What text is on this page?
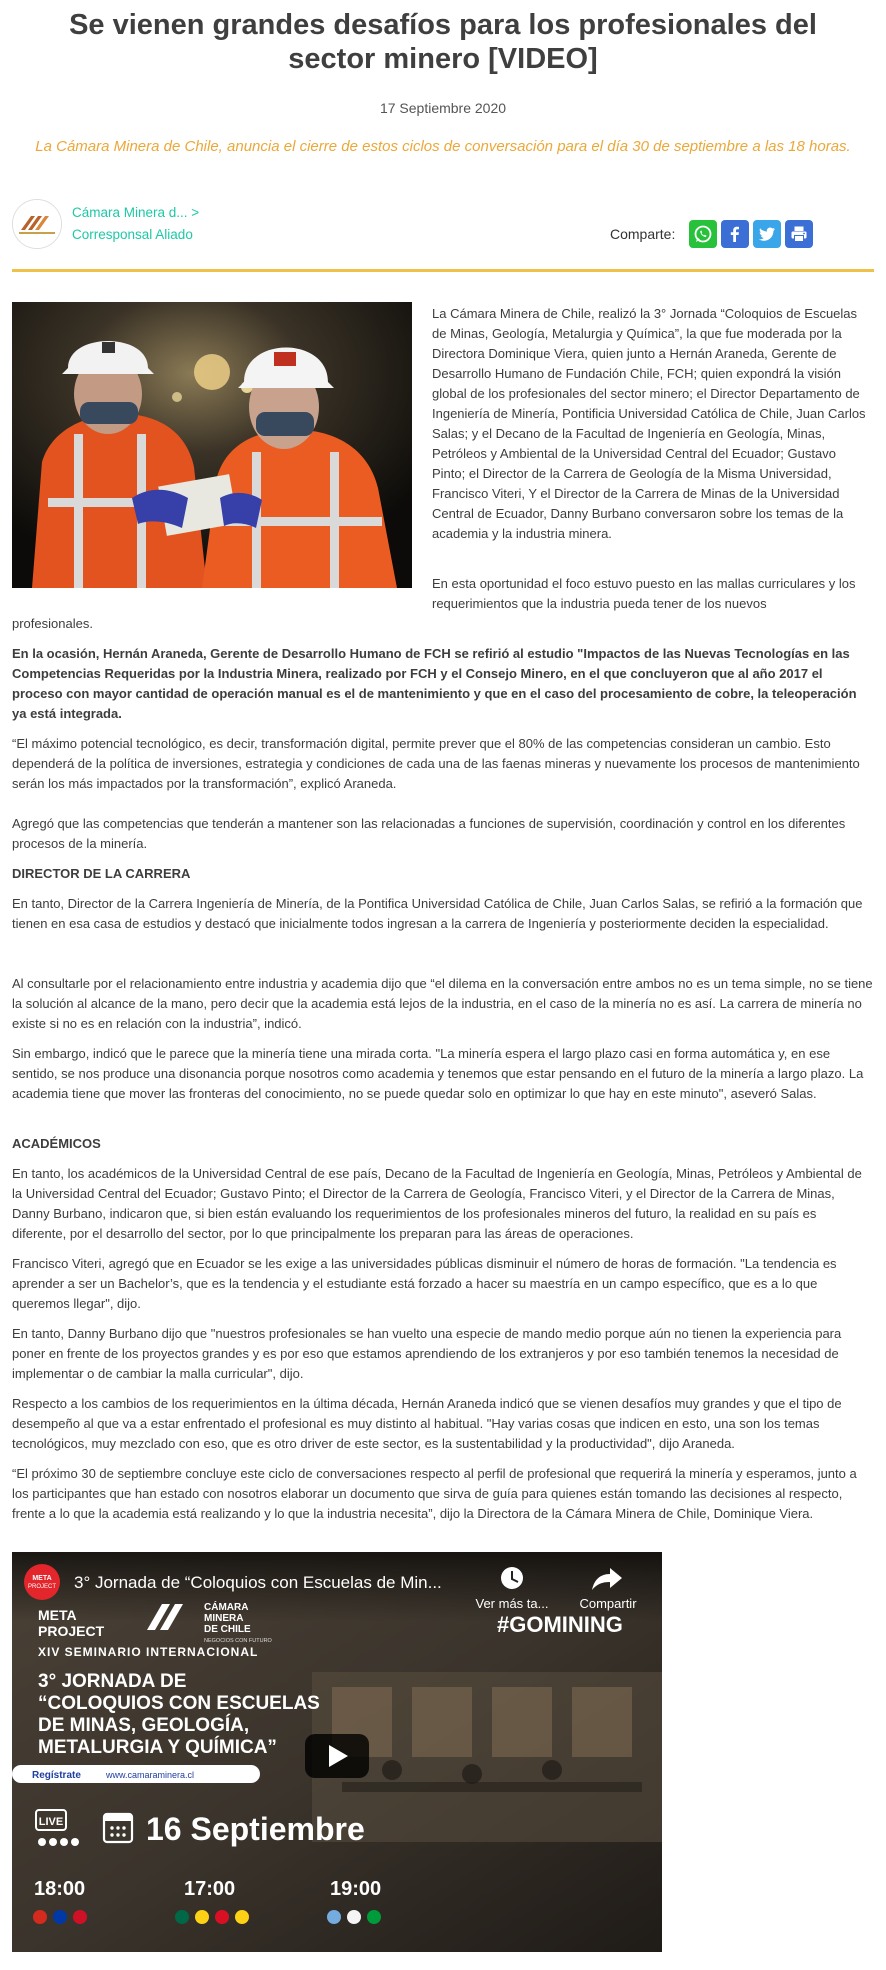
Se vienen grandes desafíos para los profesionales del sector minero [VIDEO]
17 Septiembre 2020

La Cámara Minera de Chile, anuncia el cierre de estos ciclos de conversación para el día 30 de septiembre a las 18 horas.

Cámara Minera d... >
Corresponsal Aliado	Comparte:

La Cámara Minera de Chile, realizó la 3° Jornada “Coloquios de Escuelas de Minas, Geología, Metalurgia y Química”, la que fue moderada por la Directora Dominique Viera, quien junto a Hernán Araneda, Gerente de Desarrollo Humano de Fundación Chile, FCH; quien expondrá la visión global de los profesionales del sector minero; el Director Departamento de Ingeniería de Minería, Pontificia Universidad Católica de Chile, Juan Carlos Salas; y el Decano de la Facultad de Ingeniería en Geología, Minas, Petróleos y Ambiental de la Universidad Central del Ecuador; Gustavo Pinto; el Director de la Carrera de Geología de la Misma Universidad, Francisco Viteri, Y el Director de la Carrera de Minas de la Universidad Central de Ecuador, Danny Burbano conversaron sobre los temas de la academia y la industria minera.

En esta oportunidad el foco estuvo puesto en las mallas curriculares y los requerimientos que la industria pueda tener de los nuevos

profesionales.

En la ocasión, Hernán Araneda, Gerente de Desarrollo Humano de FCH se refirió al estudio "Impactos de las Nuevas Tecnologías en las Competencias Requeridas por la Industria Minera, realizado por FCH y el Consejo Minero, en el que concluyeron que al año 2017 el proceso con mayor cantidad de operación manual es el de mantenimiento y que en el caso del procesamiento de cobre, la teleoperación ya está integrada.

“El máximo potencial tecnológico, es decir, transformación digital, permite prever que el 80% de las competencias consideran un cambio. Esto dependerá de la política de inversiones, estrategia y condiciones de cada una de las faenas mineras y nuevamente los procesos de mantenimiento serán los más impactados por la transformación”, explicó Araneda.

Agregó que las competencias que tenderán a mantener son las relacionadas a funciones de supervisión, coordinación y control en los diferentes procesos de la minería.

DIRECTOR DE LA CARRERA

En tanto, Director de la Carrera Ingeniería de Minería, de la Pontifica Universidad Católica de Chile, Juan Carlos Salas, se refirió a la formación que tienen en esa casa de estudios y destacó que inicialmente todos ingresan a la carrera de Ingeniería y posteriormente deciden la especialidad.

Al consultarle por el relacionamiento entre industria y academia dijo que “el dilema en la conversación entre ambos no es un tema simple, no se tiene la solución al alcance de la mano, pero decir que la academia está lejos de la industria, en el caso de la minería no es así. La carrera de minería no existe si no es en relación con la industria”, indicó.

Sin embargo, indicó que le parece que la minería tiene una mirada corta. "La minería espera el largo plazo casi en forma automática y, en ese sentido, se nos produce una disonancia porque nosotros como academia y tenemos que estar pensando en el futuro de la minería a largo plazo. La academia tiene que mover las fronteras del conocimiento, no se puede quedar solo en optimizar lo que hay en este minuto", aseveró Salas.

ACADÉMICOS

En tanto, los académicos de la Universidad Central de ese país, Decano de la Facultad de Ingeniería en Geología, Minas, Petróleos y Ambiental de la Universidad Central del Ecuador; Gustavo Pinto; el Director de la Carrera de Geología, Francisco Viteri, y el Director de la Carrera de Minas, Danny Burbano, indicaron que, si bien están evaluando los requerimientos de los profesionales mineros del futuro, la realidad en su país es diferente, por el desarrollo del sector, por lo que principalmente los preparan para las áreas de operaciones.

Francisco Viteri, agregó que en Ecuador se les exige a las universidades públicas disminuir el número de horas de formación. "La tendencia es aprender a ser un Bachelor’s, que es la tendencia y el estudiante está forzado a hacer su maestría en un campo específico, que es a lo que queremos llegar", dijo.

En tanto, Danny Burbano dijo que "nuestros profesionales se han vuelto una especie de mando medio porque aún no tienen la experiencia para poner en frente de los proyectos grandes y es por eso que estamos aprendiendo de los extranjeros y por eso también tenemos la necesidad de implementar o de cambiar la malla curricular", dijo.

Respecto a los cambios de los requerimientos en la última década, Hernán Araneda indicó que se vienen desafíos muy grandes y que el tipo de desempeño al que va a estar enfrentado el profesional es muy distinto al habitual. "Hay varias cosas que indicen en esto, una son los temas tecnológicos, muy mezclado con eso, que es otro driver de este sector, es la sustentabilidad y la productividad", dijo Araneda.

“El próximo 30 de septiembre concluye este ciclo de conversaciones respecto al perfil de profesional que requerirá la minería y esperamos, junto a los participantes que han estado con nosotros elaborar un documento que sirva de guía para quienes están tomando las decisiones al respecto, frente a lo que la academia está realizando y lo que la industria necesita”, dijo la Directora de la Cámara Minera de Chile, Dominique Viera.

META
PROJECT 3° Jornada de “Coloquios con Escuelas de Min...
Ver más ta... Compartir
META
PROJECT
CÁMARA
MINERA
DE CHILE
NEGOCIOS CON FUTURO
#GOMINING
XIV SEMINARIO INTERNACIONAL
3° JORNADA DE
“COLOQUIOS CON ESCUELAS
DE MINAS, GEOLOGÍA,
METALURGIA Y QUÍMICA”
Regístrate	www.camaraminera.cl
LIVE	16 Septiembre
18:00	17:00	19:00
